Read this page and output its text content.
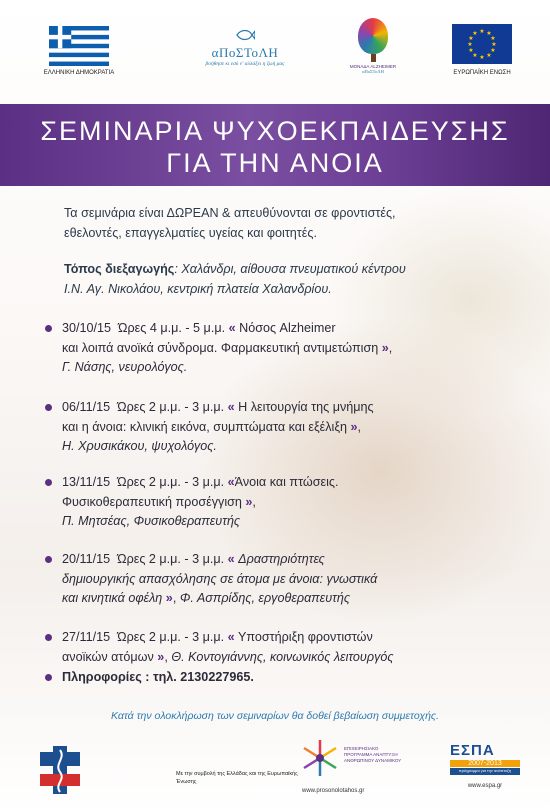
ΕΛΛΗΝΙΚΗ ΔΗΜΟΚΡΑΤΙΑ
αΠοΣΤοΛΗ
βοήθησε κι εσύ ν' αλλάξει η ζωή μας	ΜΟΝΑΔΑ ALZHEIMER
αΠοΣΤοΛΗ
★ ★
★
★
★
★
★
★
★
★
★
★
ΕΥΡΩΠΑΪΚΗ ΕΝΩΣΗ
ΣΕΜΙΝΑΡΙΑ ΨΥΧΟΕΚΠΑΙΔΕΥΣΗΣ
ΓΙΑ ΤΗΝ ΑΝΟΙΑ
Τα σεμινάρια είναι ΔΩΡΕΑΝ & απευθύνονται σε φροντιστές,
εθελοντές, επαγγελματίες υγείας και φοιτητές.
Τόπος διεξαγωγής: Χαλάνδρι, αίθουσα πνευματικού κέντρου
Ι.Ν. Αγ. Νικολάου, κεντρική πλατεία Χαλανδρίου.
30/10/15 Ώρες 4 μ.μ. - 5 μ.μ. « Νόσος Alzheimer
και λοιπά ανοϊκά σύνδρομα. Φαρμακευτική αντιμετώπιση »,
Γ. Νάσης, νευρολόγος.
06/11/15 Ώρες 2 μ.μ. - 3 μ.μ. « Η λειτουργία της μνήμης
και η άνοια: κλινική εικόνα, συμπτώματα και εξέλιξη »,
Η. Χρυσικάκου, ψυχολόγος.
13/11/15 Ώρες 2 μ.μ. - 3 μ.μ. «Άνοια και πτώσεις.
Φυσικοθεραπευτική προσέγγιση »,
Π. Μητσέας, Φυσικοθεραπευτής
20/11/15 Ώρες 2 μ.μ. - 3 μ.μ. « Δραστηριότητες
δημιουργικής απασχόλησης σε άτομα με άνοια: γνωστικά
και κινητικά οφέλη », Φ. Ασπρίδης, εργοθεραπευτής
27/11/15 Ώρες 2 μ.μ. - 3 μ.μ. « Υποστήριξη φροντιστών
ανοϊκών ατόμων », Θ. Κοντογιάννης, κοινωνικός λειτουργός
Πληροφορίες : τηλ. 2130227965.
Κατά την ολοκλήρωση των σεμιναρίων θα δοθεί βεβαίωση συμμετοχής.
Με την συμβολή της Ελλάδας και της Ευρωπαϊκής Ένωσης
ΕΠΙΧΕΙΡΗΣΙΑΚΟ ΠΡΟΓΡΑΜΜΑ ΑΝΑΠΤΥΞΗ ΑΝΘΡΩΠΙΝΟΥ ΔΥΝΑΜΙΚΟΥ
www.prosonolotahos.gr
ΕΣΠΑ
2007-2013
πρόγραμμα για την ανάπτυξη
www.espa.gr
